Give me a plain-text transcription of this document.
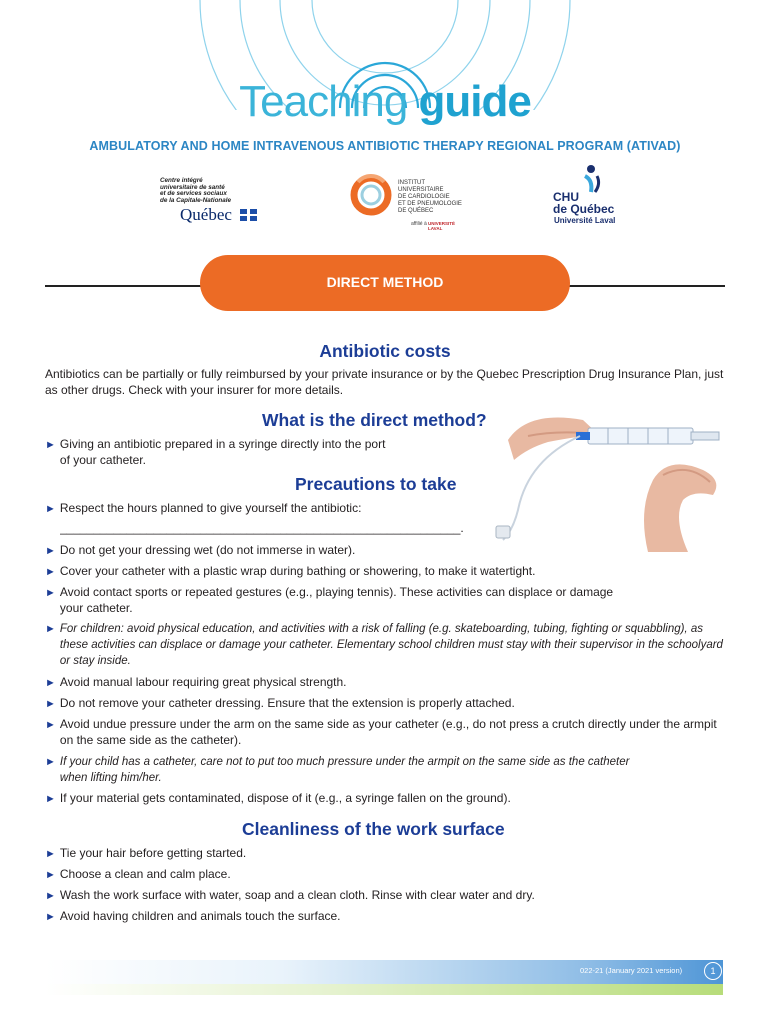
Teaching guide
AMBULATORY AND HOME INTRAVENOUS ANTIBIOTIC THERAPY REGIONAL PROGRAM (ATIVAD)
Centre intégré
universitaire de santé
et de services sociaux
de la Capitale-Nationale
Québec
INSTITUT UNIVERSITAIRE
DE CARDIOLOGIE
ET DE PNEUMOLOGIE
DE QUÉBEC
affilié à UNIVERSITÉ LAVAL
CHU
de Québec
Université Laval
DIRECT METHOD
Antibiotic costs
Antibiotics can be partially or fully reimbursed by your private insurance or by the Quebec Prescription Drug Insurance Plan, just as other drugs. Check with your insurer for more details.
What is the direct method?
► Giving an antibiotic prepared in a syringe directly into the port of your catheter.
Precautions to take
► Respect the hours planned to give yourself the antibiotic:
____________________________________________________________.
► Do not get your dressing wet (do not immerse in water).
► Cover your catheter with a plastic wrap during bathing or showering, to make it watertight.
► Avoid contact sports or repeated gestures (e.g., playing tennis). These activities can displace or damage your catheter.
► For children: avoid physical education, and activities with a risk of falling (e.g. skateboarding, tubing, fighting or squabbling), as these activities can displace or damage your catheter. Elementary school children must stay with their supervisor in the schoolyard or stay inside.
► Avoid manual labour requiring great physical strength.
► Do not remove your catheter dressing. Ensure that the extension is properly attached.
► Avoid undue pressure under the arm on the same side as your catheter (e.g., do not press a crutch directly under the armpit on the same side as the catheter).
► If your child has a catheter, care not to put too much pressure under the armpit on the same side as the catheter when lifting him/her.
► If your material gets contaminated, dispose of it (e.g., a syringe fallen on the ground).
Cleanliness of the work surface
► Tie your hair before getting started.
► Choose a clean and calm place.
► Wash the work surface with water, soap and a clean cloth. Rinse with clear water and dry.
► Avoid having children and animals touch the surface.
022-21 (January 2021 version)	1
